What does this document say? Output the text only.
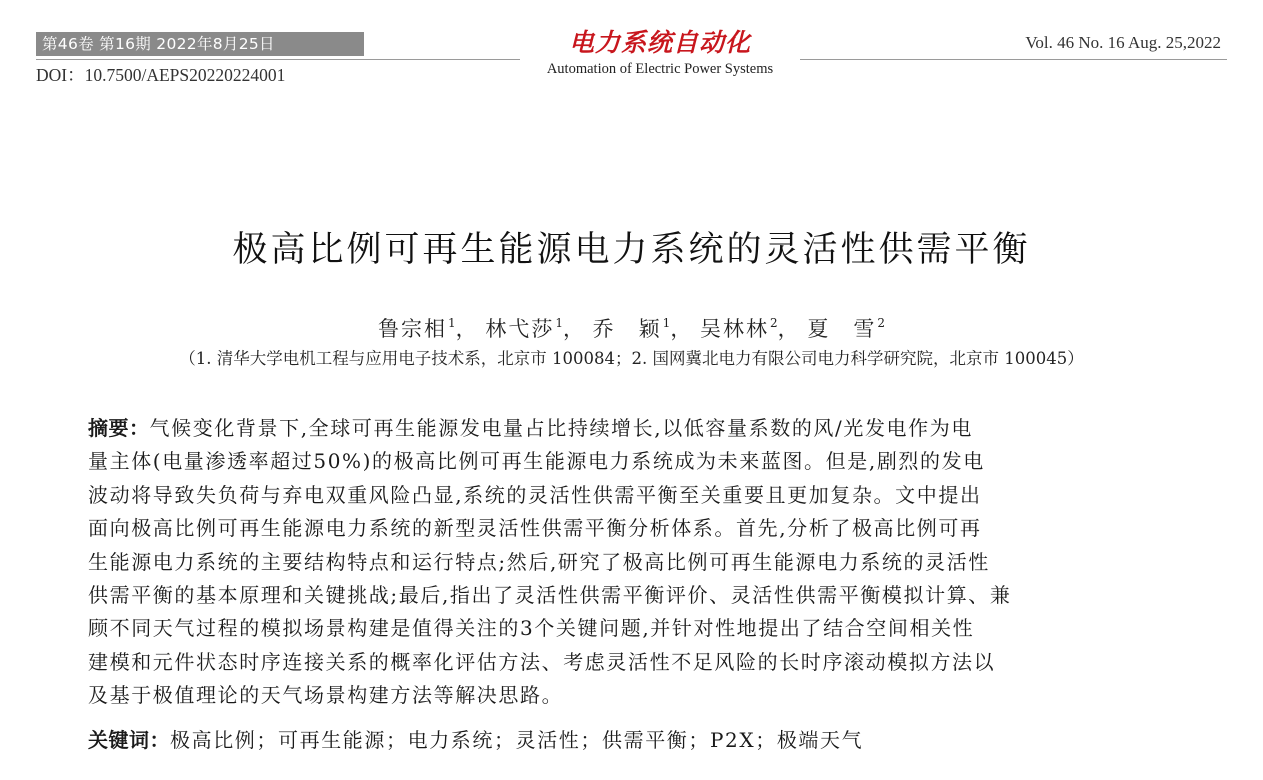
第46卷 第16期 2022年8月25日
DOI：10.7500/AEPS20220224001
电力系统自动化
Automation of Electric Power Systems
Vol. 46 No. 16 Aug. 25,2022
极高比例可再生能源电力系统的灵活性供需平衡
鲁宗相$^1$， 林弋莎$^1$， 乔　颖$^1$， 吴林林$^2$， 夏　雪$^2$
（1. 清华大学电机工程与应用电子技术系，北京市 100084；2. 国网冀北电力有限公司电力科学研究院，北京市 100045）
摘要：气候变化背景下,全球可再生能源发电量占比持续增长,以低容量系数的风/光发电作为电
量主体(电量渗透率超过50%)的极高比例可再生能源电力系统成为未来蓝图。但是,剧烈的发电
波动将导致失负荷与弃电双重风险凸显,系统的灵活性供需平衡至关重要且更加复杂。文中提出
面向极高比例可再生能源电力系统的新型灵活性供需平衡分析体系。首先,分析了极高比例可再
生能源电力系统的主要结构特点和运行特点;然后,研究了极高比例可再生能源电力系统的灵活性
供需平衡的基本原理和关键挑战;最后,指出了灵活性供需平衡评价、灵活性供需平衡模拟计算、兼
顾不同天气过程的模拟场景构建是值得关注的3个关键问题,并针对性地提出了结合空间相关性
建模和元件状态时序连接关系的概率化评估方法、考虑灵活性不足风险的长时序滚动模拟方法以
及基于极值理论的天气场景构建方法等解决思路。
关键词：极高比例；可再生能源；电力系统；灵活性；供需平衡；P2X；极端天气
